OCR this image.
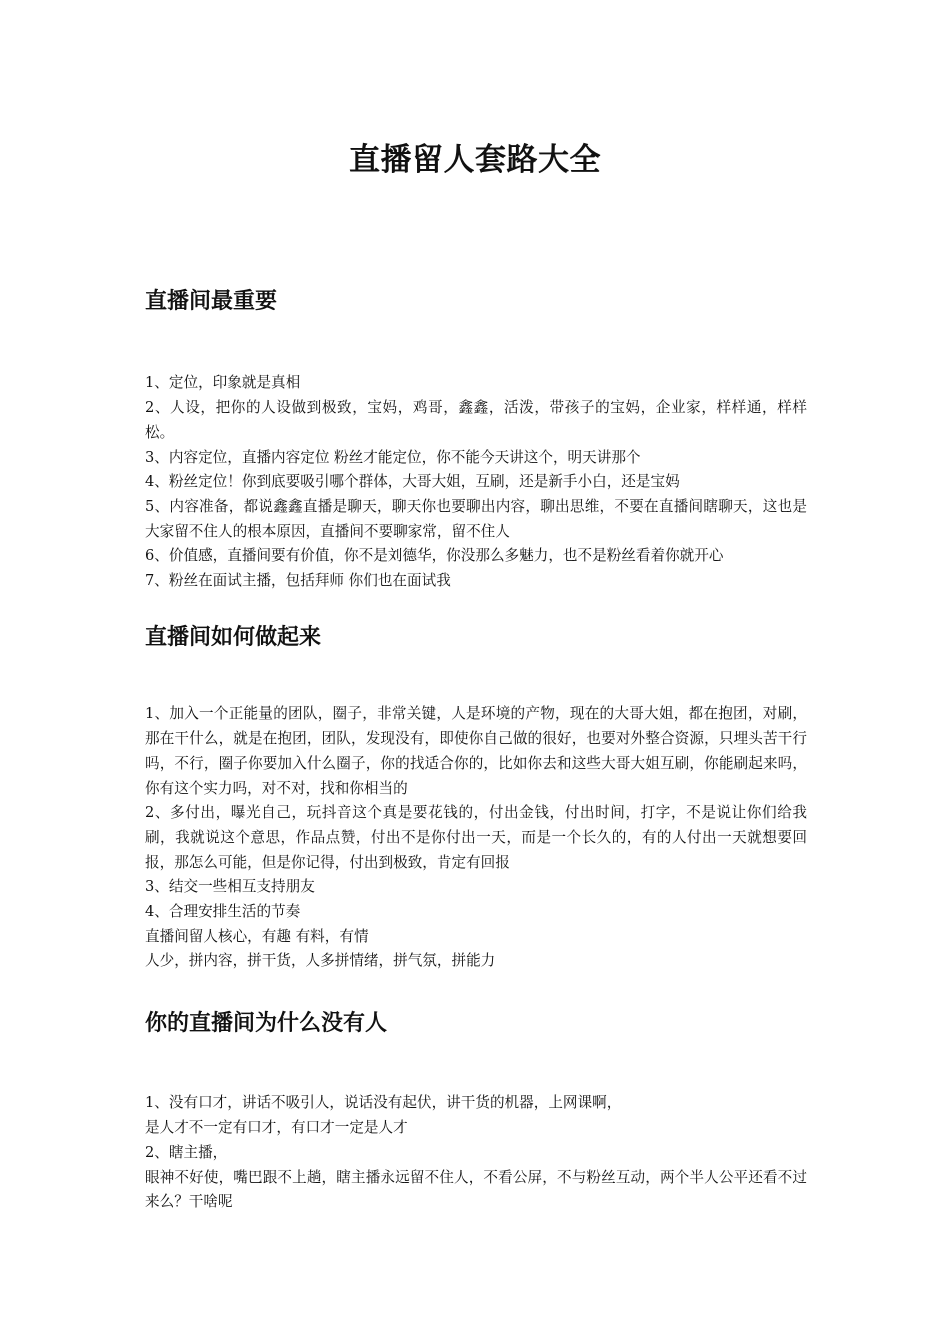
直播留人套路大全
直播间最重要

1、定位，印象就是真相

2、人设，把你的人设做到极致，宝妈，鸡哥，鑫鑫，活泼，带孩子的宝妈，企业家，样样通，样样松。

3、内容定位，直播内容定位 粉丝才能定位，你不能今天讲这个，明天讲那个

4、粉丝定位！你到底要吸引哪个群体，大哥大姐，互刷，还是新手小白，还是宝妈

5、内容准备，都说鑫鑫直播是聊天，聊天你也要聊出内容，聊出思维，不要在直播间瞎聊天，这也是大家留不住人的根本原因，直播间不要聊家常，留不住人

6、价值感，直播间要有价值，你不是刘德华，你没那么多魅力，也不是粉丝看着你就开心

7、粉丝在面试主播，包括拜师 你们也在面试我

直播间如何做起来

1、加入一个正能量的团队，圈子，非常关键，人是环境的产物，现在的大哥大姐，都在抱团，对刷，那在干什么，就是在抱团，团队，发现没有，即使你自己做的很好，也要对外整合资源，只埋头苦干行吗，不行，圈子你要加入什么圈子，你的找适合你的，比如你去和这些大哥大姐互刷，你能刷起来吗，你有这个实力吗，对不对，找和你相当的

2、多付出，曝光自己，玩抖音这个真是要花钱的，付出金钱，付出时间，打字，不是说让你们给我刷，我就说这个意思，作品点赞，付出不是你付出一天，而是一个长久的，有的人付出一天就想要回报，那怎么可能，但是你记得，付出到极致，肯定有回报

3、结交一些相互支持朋友

4、合理安排生活的节奏

直播间留人核心，有趣 有料，有情

人少，拼内容，拼干货，人多拼情绪，拼气氛，拼能力

你的直播间为什么没有人

1、没有口才，讲话不吸引人，说话没有起伏，讲干货的机器，上网课啊，

是人才不一定有口才，有口才一定是人才

2、瞎主播，

眼神不好使，嘴巴跟不上趟，瞎主播永远留不住人，不看公屏，不与粉丝互动，两个半人公平还看不过来么？干啥呢
